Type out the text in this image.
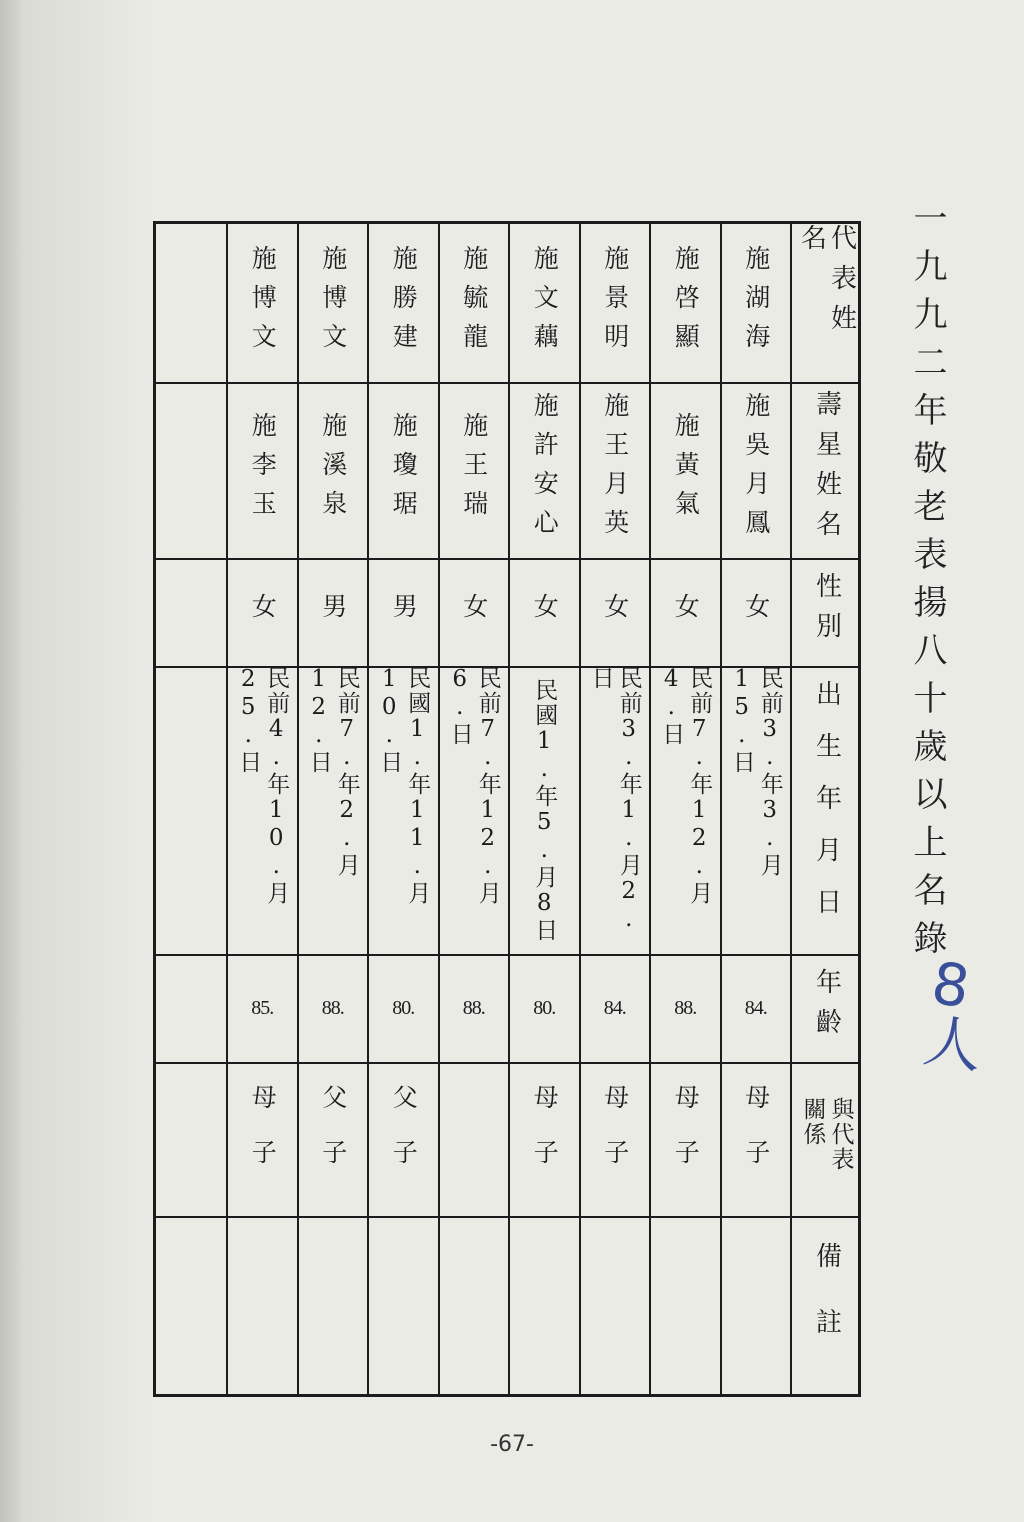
一九九二年敬老表揚八十歲以上名錄
8人
代表姓名
壽星姓名
性別
出生年月日
年齡
與代表關係
備註
施湖海
施吳月鳳
女
民前3.年3.月15.日
84.
母子
施啓顯
施黃氣
女
民前7.年12.月4.日
88.
母子
施景明
施王月英
女
民前3.年1.月2.日
84.
母子
施文藕
施許安心
女
民國1.年5.月8日
80.
母子
施毓龍
施王瑞
女
民前7.年12.月6.日
88.
施勝建
施瓊琚
男
民國1.年11.月10.日
80.
父子
施博文
施溪泉
男
民前7.年2.月12.日
88.
父子
施博文
施李玉
女
民前4.年10.月25.日
85.
母子
-67-
